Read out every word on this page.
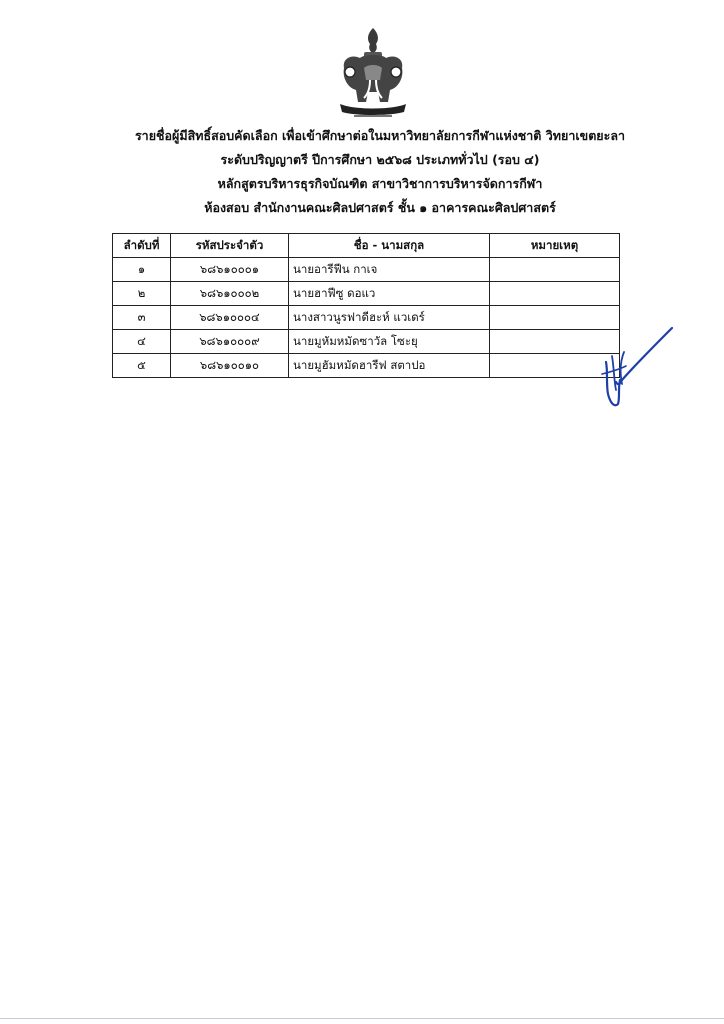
รายชื่อผู้มีสิทธิ์สอบคัดเลือก เพื่อเข้าศึกษาต่อในมหาวิทยาลัยการกีฬาแห่งชาติ วิทยาเขตยะลา
ระดับปริญญาตรี ปีการศึกษา ๒๕๖๘ ประเภททั่วไป (รอบ ๔)
หลักสูตรบริหารธุรกิจบัณฑิต สาขาวิชาการบริหารจัดการกีฬา
ห้องสอบ สำนักงานคณะศิลปศาสตร์ ชั้น ๑ อาคารคณะศิลปศาสตร์
ลำดับที่	รหัสประจำตัว	ชื่อ - นามสกุล	หมายเหตุ
๑	๖๘๖๑๐๐๐๑	นายอารีฟีน กาเจ	
๒	๖๘๖๑๐๐๐๒	นายฮาฟีซู ดอแว	
๓	๖๘๖๑๐๐๐๔	นางสาวนูรฟาดีฮะห์ แวเดร์	
๔	๖๘๖๑๐๐๐๙	นายมูหัมหมัดซาวัล โซะยุ	
๕	๖๘๖๑๐๐๑๐	นายมูฮัมหมัดฮารีฟ สตาปอ	
